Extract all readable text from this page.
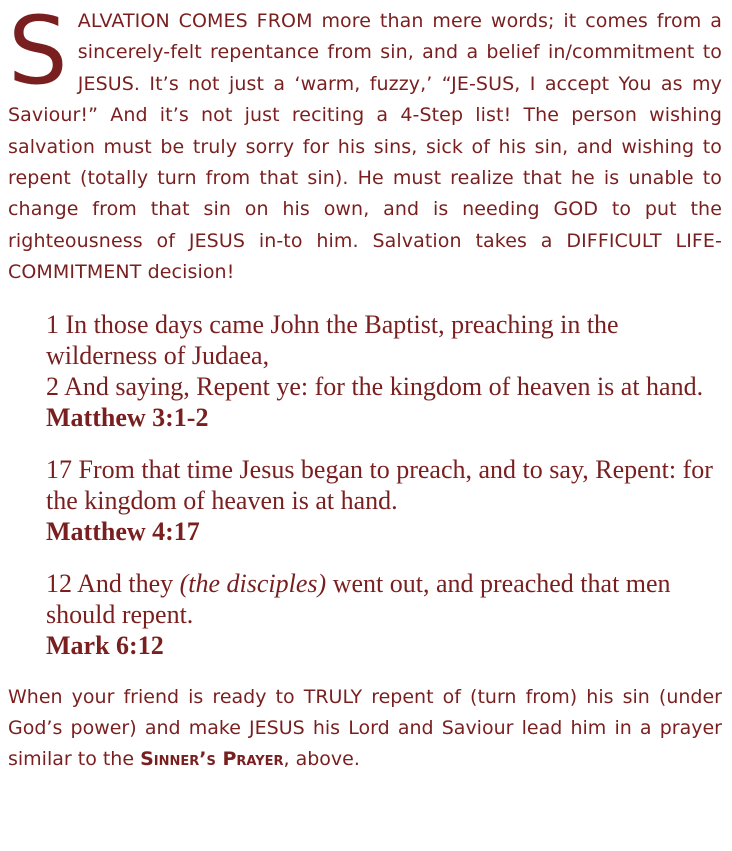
SALVATION COMES FROM more than mere words; it comes from a sincerely-felt repentance from sin, and a belief in/commitment to JESUS. It’s not just a ‘warm, fuzzy,’ “JE-SUS, I accept You as my Saviour!” And it’s not just reciting a 4-Step list! The person wishing salvation must be truly sorry for his sins, sick of his sin, and wishing to repent (totally turn from that sin). He must realize that he is unable to change from that sin on his own, and is needing GOD to put the righteousness of JESUS in-to him. Salvation takes a DIFFICULT LIFE-COMMITMENT decision!

1 In those days came John the Baptist, preaching in the wilderness of Judaea,
2 And saying, Repent ye: for the kingdom of heaven is at hand.
Matthew 3:1-2
17 From that time Jesus began to preach, and to say, Repent: for the kingdom of heaven is at hand.
Matthew 4:17
12 And they (the disciples) went out, and preached that men should repent.
Mark 6:12

When your friend is ready to TRULY repent of (turn from) his sin (under God’s power) and make JESUS his Lord and Saviour lead him in a prayer similar to the Sinner’s Prayer, above.
